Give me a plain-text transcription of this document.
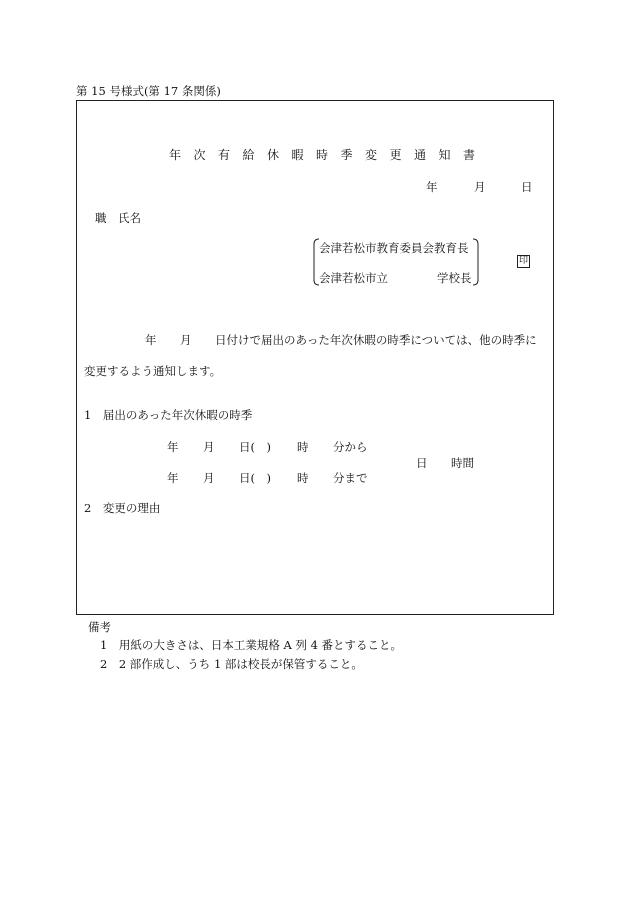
第 15 号様式(第 17 条関係)
年次有給休暇時季変更通知書
年	月	日
職　氏名
会津若松市教育委員会教育長
会津若松市立	学校長
印
年 月 日付けで届出のあった年次休暇の時季については、他の時季に
変更するよう通知します。
1　届出のあった年次休暇の時季
年 月 日(　) 時 分から
日 時間
年 月 日(　) 時 分まで
2　変更の理由
備考
1　用紙の大きさは、日本工業規格 A 列 4 番とすること。
2　2 部作成し、うち 1 部は校長が保管すること。
